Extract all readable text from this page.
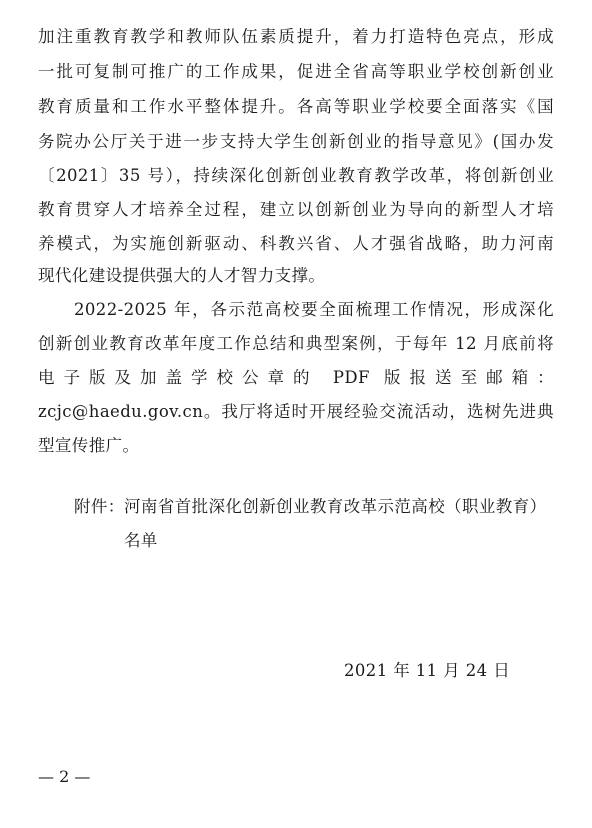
加注重教育教学和教师队伍素质提升，着力打造特色亮点，形成
一批可复制可推广的工作成果，促进全省高等职业学校创新创业
教育质量和工作水平整体提升。各高等职业学校要全面落实《国
务院办公厅关于进一步支持大学生创新创业的指导意见》(国办发
〔2021〕35 号），持续深化创新创业教育教学改革，将创新创业
教育贯穿人才培养全过程，建立以创新创业为导向的新型人才培
养模式，为实施创新驱动、科教兴省、人才强省战略，助力河南
现代化建设提供强大的人才智力支撑。
2022-2025 年，各示范高校要全面梳理工作情况，形成深化
创新创业教育改革年度工作总结和典型案例，于每年 12 月底前将
电子版及加盖学校公章的 PDF 版报送至邮箱：
zcjc@haedu.gov.cn。我厅将适时开展经验交流活动，选树先进典
型宣传推广。
附件： 河南省首批深化创新创业教育改革示范高校（职业教育）
名单
2021 年 11 月 24 日
— 2 —
